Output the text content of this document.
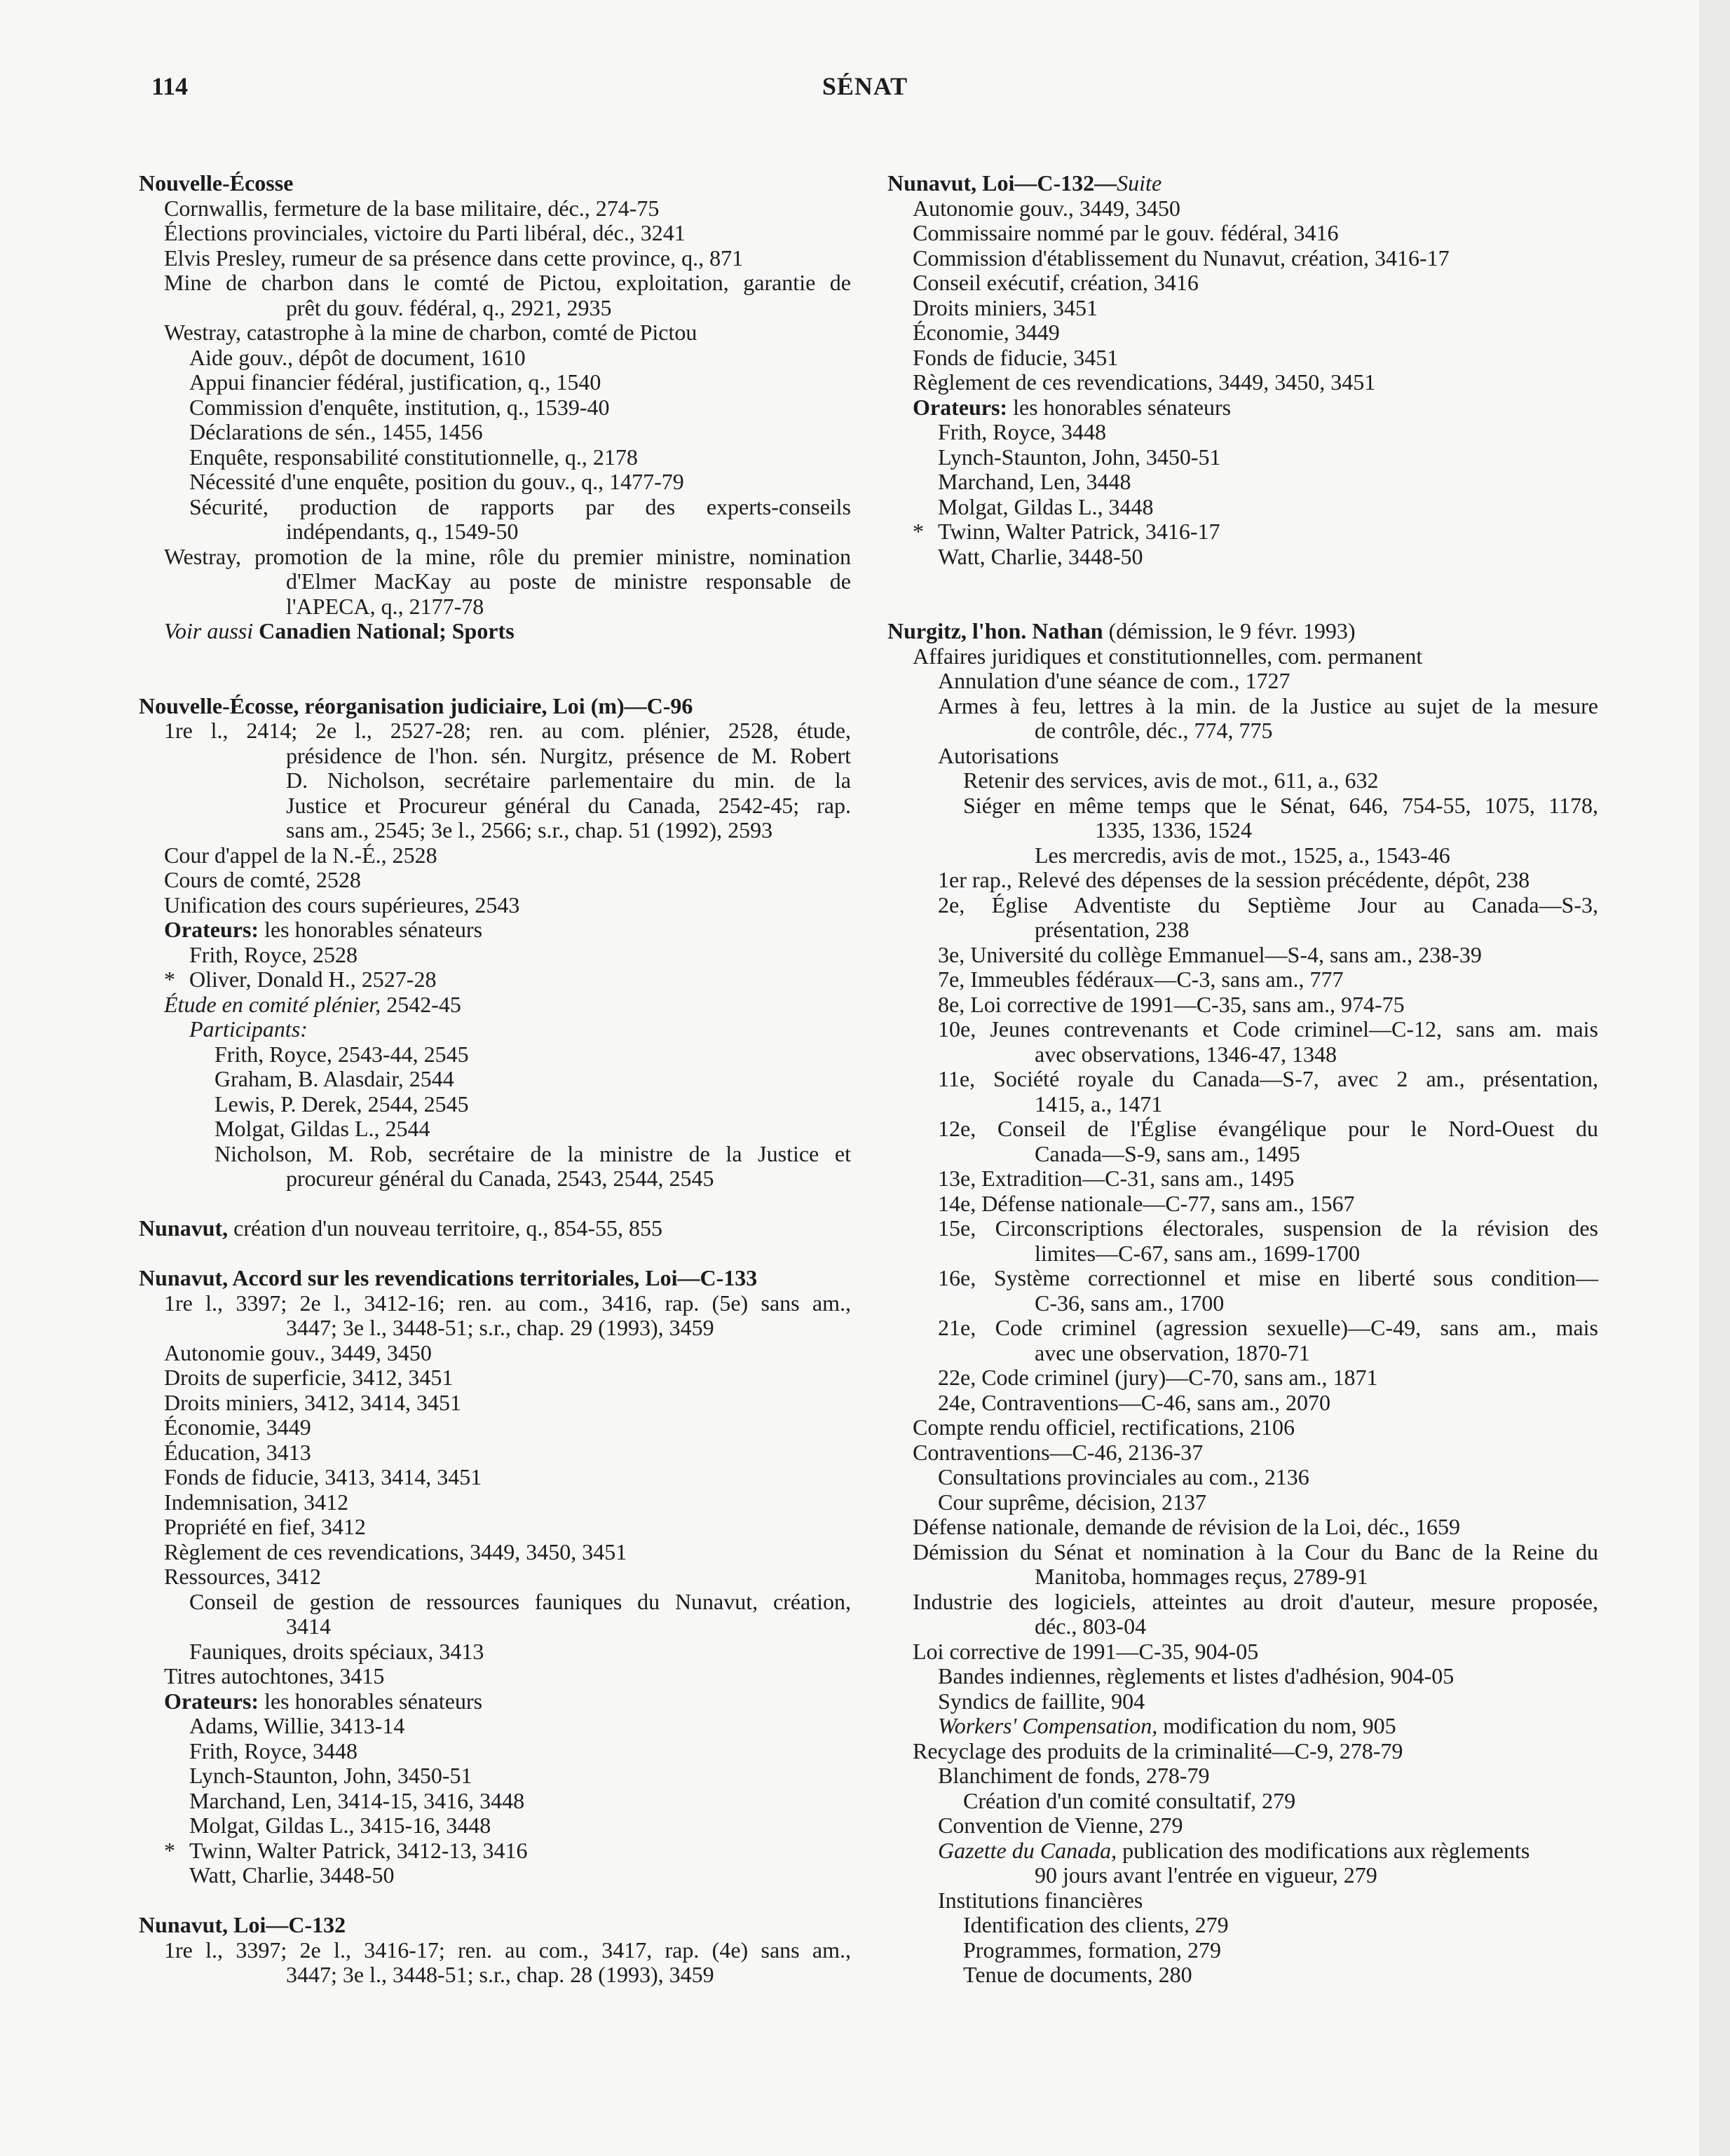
114	SÉNAT
Nouvelle-Écosse
Cornwallis, fermeture de la base militaire, déc., 274-75
Élections provinciales, victoire du Parti libéral, déc., 3241
Elvis Presley, rumeur de sa présence dans cette province, q., 871
Mine de charbon dans le comté de Pictou, exploitation, garantie de
prêt du gouv. fédéral, q., 2921, 2935
Westray, catastrophe à la mine de charbon, comté de Pictou
Aide gouv., dépôt de document, 1610
Appui financier fédéral, justification, q., 1540
Commission d'enquête, institution, q., 1539-40
Déclarations de sén., 1455, 1456
Enquête, responsabilité constitutionnelle, q., 2178
Nécessité d'une enquête, position du gouv., q., 1477-79
Sécurité, production de rapports par des experts-conseils
indépendants, q., 1549-50
Westray, promotion de la mine, rôle du premier ministre, nomination
d'Elmer MacKay au poste de ministre responsable de
l'APECA, q., 2177-78
Voir aussi Canadien National; Sports
Nouvelle-Écosse, réorganisation judiciaire, Loi (m)—C-96
1re l., 2414; 2e l., 2527-28; ren. au com. plénier, 2528, étude,
présidence de l'hon. sén. Nurgitz, présence de M. Robert
D. Nicholson, secrétaire parlementaire du min. de la
Justice et Procureur général du Canada, 2542-45; rap.
sans am., 2545; 3e l., 2566; s.r., chap. 51 (1992), 2593
Cour d'appel de la N.-É., 2528
Cours de comté, 2528
Unification des cours supérieures, 2543
Orateurs: les honorables sénateurs
Frith, Royce, 2528
* Oliver, Donald H., 2527-28
Étude en comité plénier, 2542-45
Participants:
Frith, Royce, 2543-44, 2545
Graham, B. Alasdair, 2544
Lewis, P. Derek, 2544, 2545
Molgat, Gildas L., 2544
Nicholson, M. Rob, secrétaire de la ministre de la Justice et
procureur général du Canada, 2543, 2544, 2545
Nunavut, création d'un nouveau territoire, q., 854-55, 855
Nunavut, Accord sur les revendications territoriales, Loi—C-133
1re l., 3397; 2e l., 3412-16; ren. au com., 3416, rap. (5e) sans am.,
3447; 3e l., 3448-51; s.r., chap. 29 (1993), 3459
Autonomie gouv., 3449, 3450
Droits de superficie, 3412, 3451
Droits miniers, 3412, 3414, 3451
Économie, 3449
Éducation, 3413
Fonds de fiducie, 3413, 3414, 3451
Indemnisation, 3412
Propriété en fief, 3412
Règlement de ces revendications, 3449, 3450, 3451
Ressources, 3412
Conseil de gestion de ressources fauniques du Nunavut, création,
3414
Fauniques, droits spéciaux, 3413
Titres autochtones, 3415
Orateurs: les honorables sénateurs
Adams, Willie, 3413-14
Frith, Royce, 3448
Lynch-Staunton, John, 3450-51
Marchand, Len, 3414-15, 3416, 3448
Molgat, Gildas L., 3415-16, 3448
* Twinn, Walter Patrick, 3412-13, 3416
Watt, Charlie, 3448-50
Nunavut, Loi—C-132
1re l., 3397; 2e l., 3416-17; ren. au com., 3417, rap. (4e) sans am.,
3447; 3e l., 3448-51; s.r., chap. 28 (1993), 3459
Nunavut, Loi—C-132—Suite
Autonomie gouv., 3449, 3450
Commissaire nommé par le gouv. fédéral, 3416
Commission d'établissement du Nunavut, création, 3416-17
Conseil exécutif, création, 3416
Droits miniers, 3451
Économie, 3449
Fonds de fiducie, 3451
Règlement de ces revendications, 3449, 3450, 3451
Orateurs: les honorables sénateurs
Frith, Royce, 3448
Lynch-Staunton, John, 3450-51
Marchand, Len, 3448
Molgat, Gildas L., 3448
* Twinn, Walter Patrick, 3416-17
Watt, Charlie, 3448-50
Nurgitz, l'hon. Nathan (démission, le 9 févr. 1993)
Affaires juridiques et constitutionnelles, com. permanent
Annulation d'une séance de com., 1727
Armes à feu, lettres à la min. de la Justice au sujet de la mesure
de contrôle, déc., 774, 775
Autorisations
Retenir des services, avis de mot., 611, a., 632
Siéger en même temps que le Sénat, 646, 754-55, 1075, 1178,
1335, 1336, 1524
Les mercredis, avis de mot., 1525, a., 1543-46
1er rap., Relevé des dépenses de la session précédente, dépôt, 238
2e, Église Adventiste du Septième Jour au Canada—S-3,
présentation, 238
3e, Université du collège Emmanuel—S-4, sans am., 238-39
7e, Immeubles fédéraux—C-3, sans am., 777
8e, Loi corrective de 1991—C-35, sans am., 974-75
10e, Jeunes contrevenants et Code criminel—C-12, sans am. mais
avec observations, 1346-47, 1348
11e, Société royale du Canada—S-7, avec 2 am., présentation,
1415, a., 1471
12e, Conseil de l'Église évangélique pour le Nord-Ouest du
Canada—S-9, sans am., 1495
13e, Extradition—C-31, sans am., 1495
14e, Défense nationale—C-77, sans am., 1567
15e, Circonscriptions électorales, suspension de la révision des
limites—C-67, sans am., 1699-1700
16e, Système correctionnel et mise en liberté sous condition—
C-36, sans am., 1700
21e, Code criminel (agression sexuelle)—C-49, sans am., mais
avec une observation, 1870-71
22e, Code criminel (jury)—C-70, sans am., 1871
24e, Contraventions—C-46, sans am., 2070
Compte rendu officiel, rectifications, 2106
Contraventions—C-46, 2136-37
Consultations provinciales au com., 2136
Cour suprême, décision, 2137
Défense nationale, demande de révision de la Loi, déc., 1659
Démission du Sénat et nomination à la Cour du Banc de la Reine du
Manitoba, hommages reçus, 2789-91
Industrie des logiciels, atteintes au droit d'auteur, mesure proposée,
déc., 803-04
Loi corrective de 1991—C-35, 904-05
Bandes indiennes, règlements et listes d'adhésion, 904-05
Syndics de faillite, 904
Workers' Compensation, modification du nom, 905
Recyclage des produits de la criminalité—C-9, 278-79
Blanchiment de fonds, 278-79
Création d'un comité consultatif, 279
Convention de Vienne, 279
Gazette du Canada, publication des modifications aux règlements
90 jours avant l'entrée en vigueur, 279
Institutions financières
Identification des clients, 279
Programmes, formation, 279
Tenue de documents, 280
